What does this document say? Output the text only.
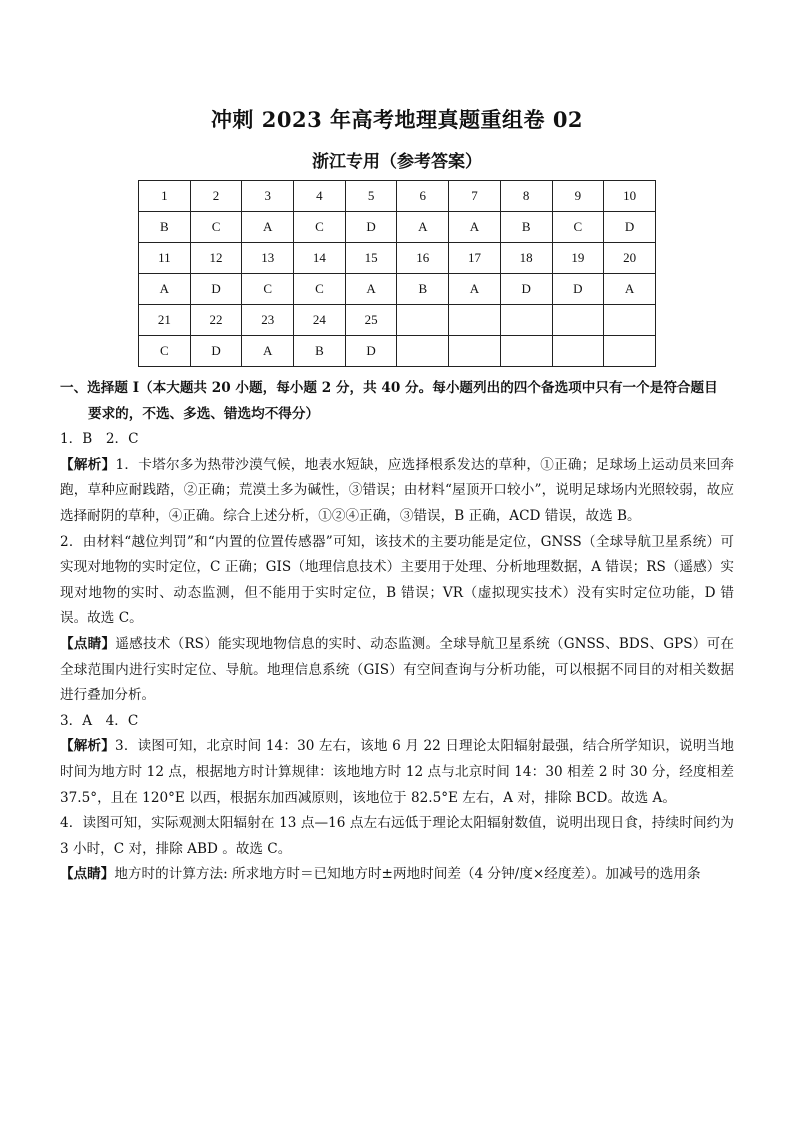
冲刺 2023 年高考地理真题重组卷 02
浙江专用（参考答案）
1	2	3	4	5	6	7	8	9	10
B	C	A	C	D	A	A	B	C	D
11	12	13	14	15	16	17	18	19	20
A	D	C	C	A	B	A	D	D	A
21	22	23	24	25					
C	D	A	B	D					

一、选择题 I（本大题共 20 小题，每小题 2 分，共 40 分。每小题列出的四个备选项中只有一个是符合题目

要求的，不选、多选、错选均不得分）

1．B　2．C

【解析】1．卡塔尔多为热带沙漠气候，地表水短缺，应选择根系发达的草种，①正确；足球场上运动员来回奔跑，草种应耐践踏，②正确；荒漠土多为碱性，③错误；由材料“屋顶开口较小”，说明足球场内光照较弱，故应选择耐阴的草种，④正确。综合上述分析，①②④正确，③错误，B 正确，ACD 错误，故选 B。

2．由材料“越位判罚”和“内置的位置传感器”可知，该技术的主要功能是定位，GNSS（全球导航卫星系统）可实现对地物的实时定位，C 正确；GIS（地理信息技术）主要用于处理、分析地理数据，A 错误；RS（遥感）实现对地物的实时、动态监测，但不能用于实时定位，B 错误；VR（虚拟现实技术）没有实时定位功能，D 错误。故选 C。

【点睛】遥感技术（RS）能实现地物信息的实时、动态监测。全球导航卫星系统（GNSS、BDS、GPS）可在全球范围内进行实时定位、导航。地理信息系统（GIS）有空间查询与分析功能，可以根据不同目的对相关数据进行叠加分析。

3．A　4．C

【解析】3．读图可知，北京时间 14：30 左右，该地 6 月 22 日理论太阳辐射最强，结合所学知识，说明当地时间为地方时 12 点，根据地方时计算规律：该地地方时 12 点与北京时间 14：30 相差 2 时 30 分，经度相差 37.5°，且在 120°E 以西，根据东加西减原则，该地位于 82.5°E 左右，A 对，排除 BCD。故选 A。

4．读图可知，实际观测太阳辐射在 13 点—16 点左右远低于理论太阳辐射数值，说明出现日食，持续时间约为 3 小时，C 对，排除 ABD 。故选 C。

【点睛】地方时的计算方法: 所求地方时＝已知地方时±两地时间差（4 分钟/度×经度差）。加减号的选用条
